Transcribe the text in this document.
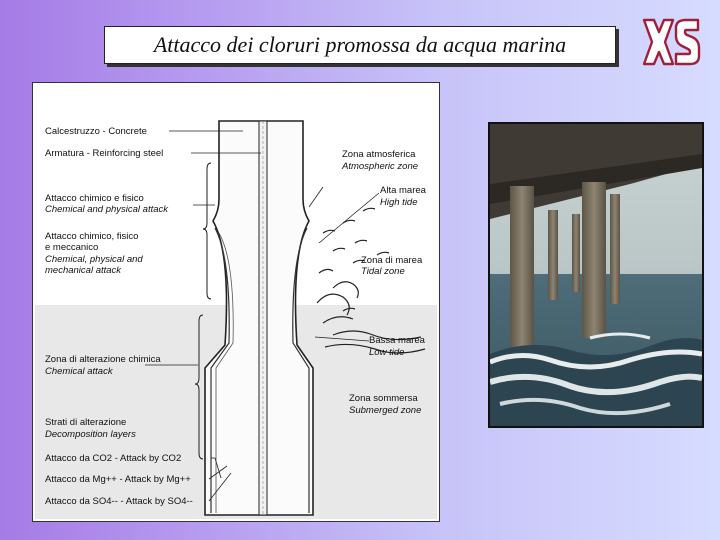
Attacco dei cloruri promossa da acqua marina
Calcestruzzo - Concrete
Armatura - Reinforcing steel
Attacco chimico e fisico
Chemical and physical attack
Attacco chimico, fisico
e meccanico
Chemical, physical and
mechanical attack
Zona di alterazione chimica
Chemical attack
Strati di alterazione
Decomposition layers
Attacco da CO2 - Attack by CO2
Attacco da Mg++ - Attack by Mg++
Attacco da SO4-- - Attack by SO4--
Zona atmosferica
Atmospheric zone
Alta marea
High tide
Zona di marea
Tidal zone
Bassa marea
Low tide
Zona sommersa
Submerged zone
